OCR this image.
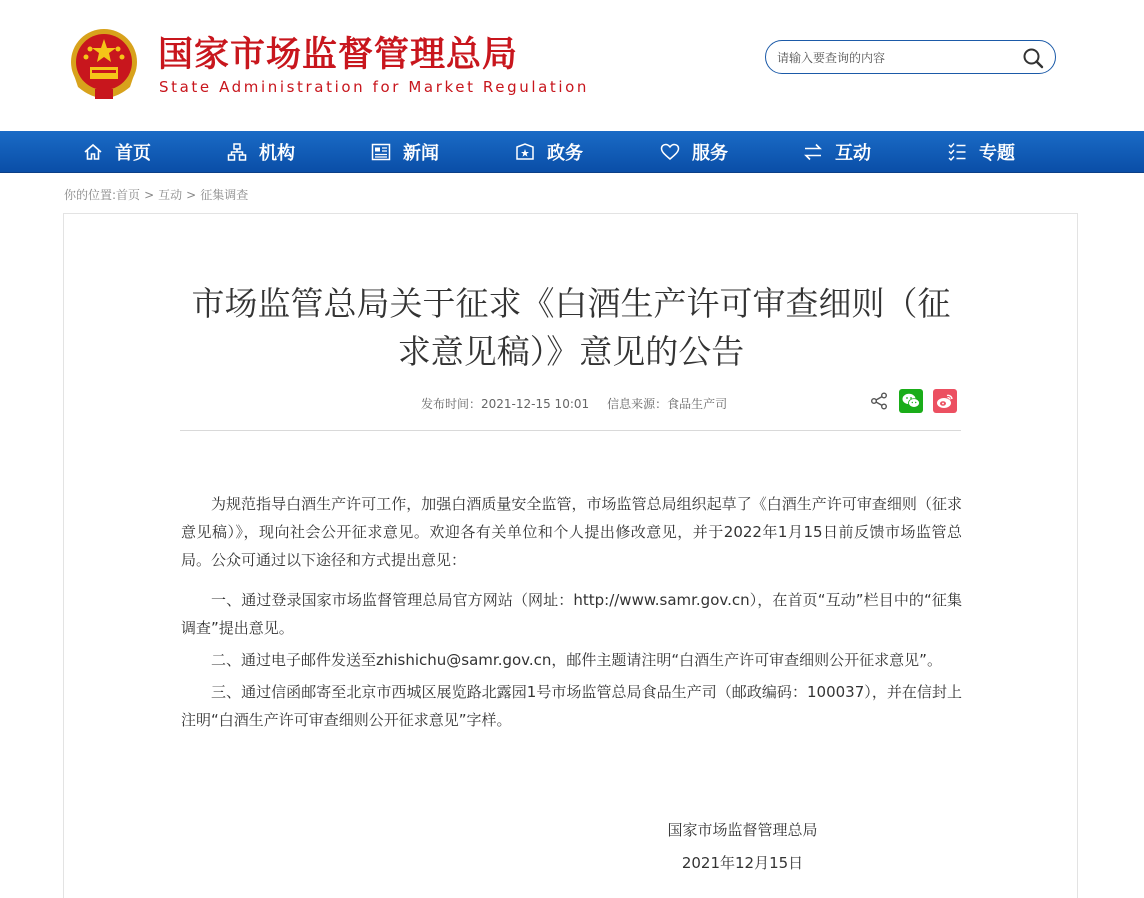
国家市场监督管理总局
State Administration for Market Regulation
请输入要查询的内容
首页	机构	新闻	政务	服务	互动	专题
你的位置:首页 > 互动 > 征集调查
市场监管总局关于征求《白酒生产许可审查细则（征求意见稿）》意见的公告
发布时间：2021-12-15 10:01 信息来源：食品生产司

为规范指导白酒生产许可工作，加强白酒质量安全监管，市场监管总局组织起草了《白酒生产许可审查细则（征求意见稿）》，现向社会公开征求意见。欢迎各有关单位和个人提出修改意见，并于2022年1月15日前反馈市场监管总局。公众可通过以下途径和方式提出意见：

一、通过登录国家市场监督管理总局官方网站（网址：http://www.samr.gov.cn），在首页“互动”栏目中的“征集调查”提出意见。

二、通过电子邮件发送至zhishichu@samr.gov.cn，邮件主题请注明“白酒生产许可审查细则公开征求意见”。

三、通过信函邮寄至北京市西城区展览路北露园1号市场监管总局食品生产司（邮政编码：100037），并在信封上注明“白酒生产许可审查细则公开征求意见”字样。

国家市场监督管理总局
2021年12月15日
